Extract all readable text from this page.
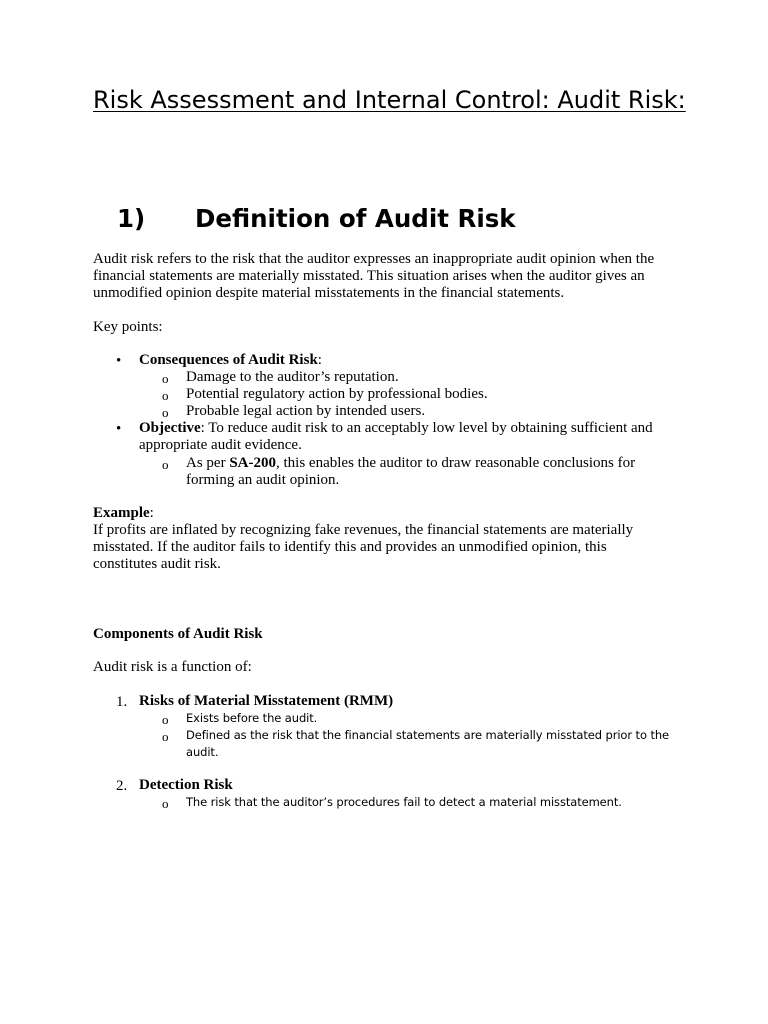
Risk Assessment and Internal Control: Audit Risk:
1) Definition of Audit Risk

Audit risk refers to the risk that the auditor expresses an inappropriate audit opinion when the financial statements are materially misstated. This situation arises when the auditor gives an unmodified opinion despite material misstatements in the financial statements.

Key points:

•	Consequences of Audit Risk:

o	Damage to the auditor’s reputation.

o	Potential regulatory action by professional bodies.

o	Probable legal action by intended users.

•	Objective: To reduce audit risk to an acceptably low level by obtaining sufficient and appropriate audit evidence.

o	As per SA-200, this enables the auditor to draw reasonable conclusions for forming an audit opinion.

Example:

If profits are inflated by recognizing fake revenues, the financial statements are materially misstated. If the auditor fails to identify this and provides an unmodified opinion, this constitutes audit risk.

Components of Audit Risk

Audit risk is a function of:

1. Risks of Material Misstatement (RMM)

o	Exists before the audit.

o	Defined as the risk that the financial statements are materially misstated prior to the audit.

2. Detection Risk

o	The risk that the auditor’s procedures fail to detect a material misstatement.
